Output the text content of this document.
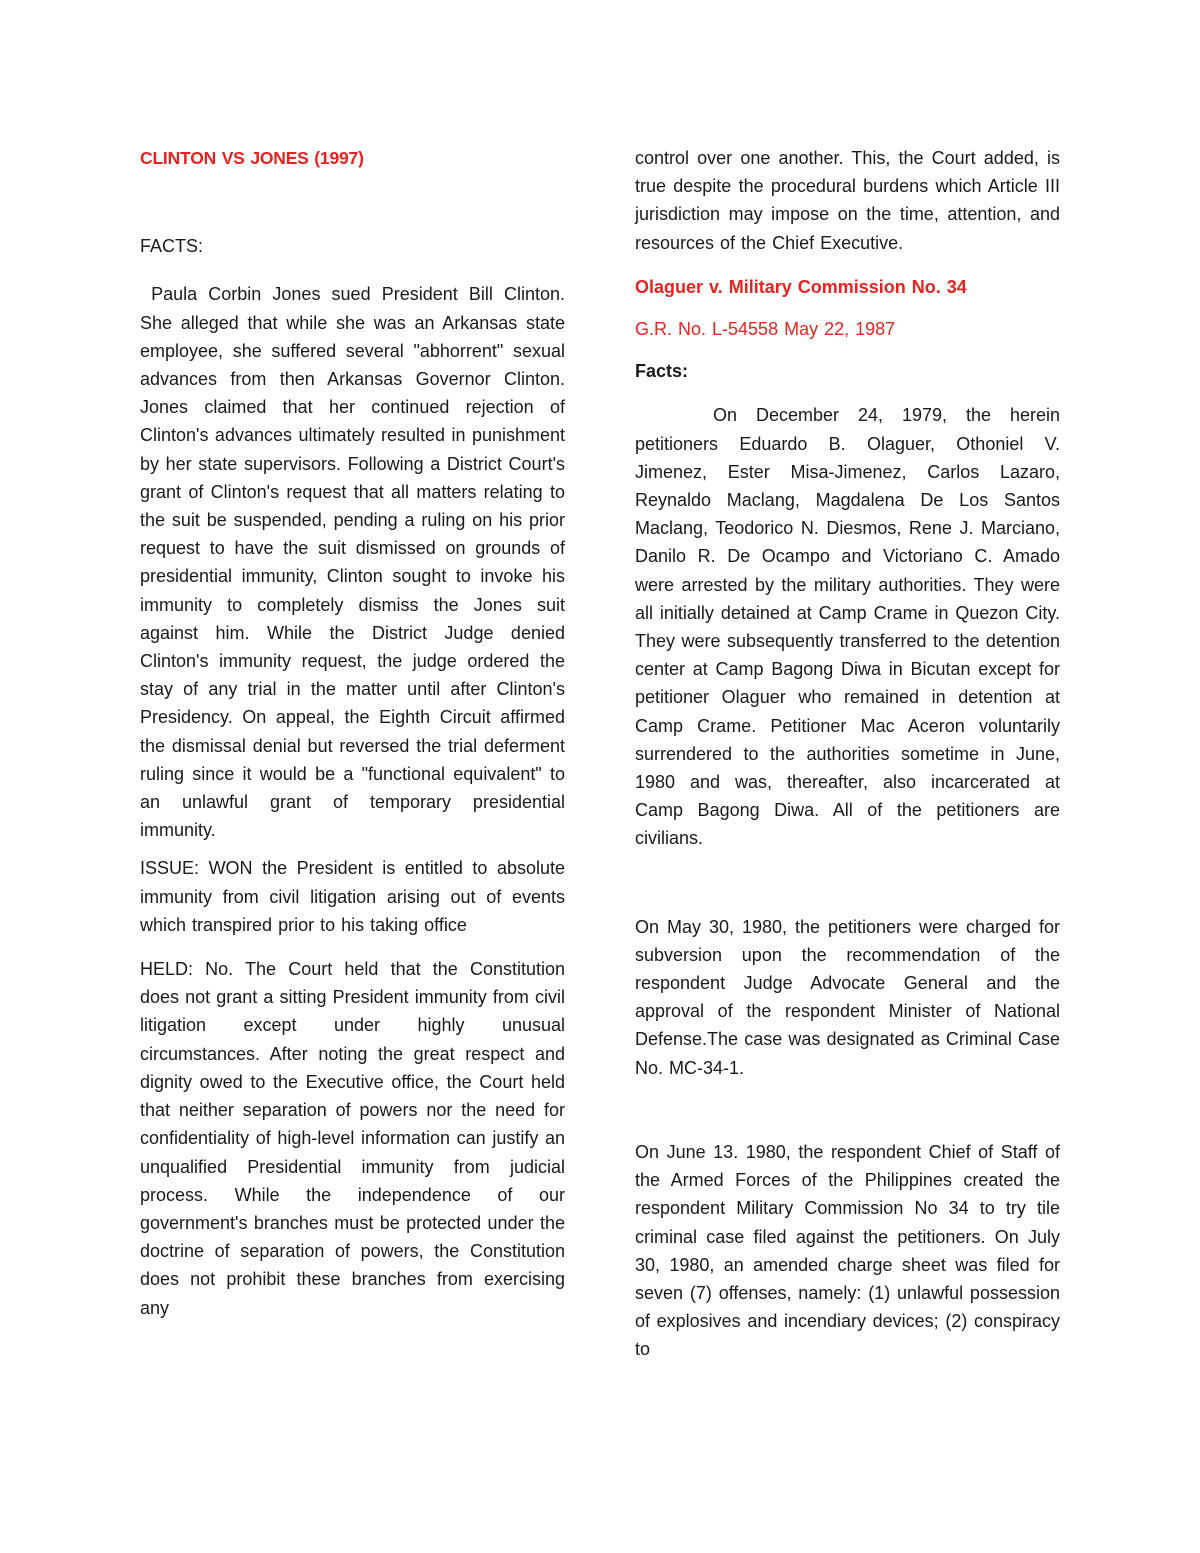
CLINTON VS JONES (1997)

FACTS:

Paula Corbin Jones sued President Bill Clinton. She alleged that while she was an Arkansas state employee, she suffered several "abhorrent" sexual advances from then Arkansas Governor Clinton. Jones claimed that her continued rejection of Clinton's advances ultimately resulted in punishment by her state supervisors. Following a District Court's grant of Clinton's request that all matters relating to the suit be suspended, pending a ruling on his prior request to have the suit dismissed on grounds of presidential immunity, Clinton sought to invoke his immunity to completely dismiss the Jones suit against him. While the District Judge denied Clinton's immunity request, the judge ordered the stay of any trial in the matter until after Clinton's Presidency. On appeal, the Eighth Circuit affirmed the dismissal denial but reversed the trial deferment ruling since it would be a "functional equivalent" to an unlawful grant of temporary presidential immunity.

ISSUE: WON the President is entitled to absolute immunity from civil litigation arising out of events which transpired prior to his taking office

HELD: No. The Court held that the Constitution does not grant a sitting President immunity from civil litigation except under highly unusual circumstances. After noting the great respect and dignity owed to the Executive office, the Court held that neither separation of powers nor the need for confidentiality of high-level information can justify an unqualified Presidential immunity from judicial process. While the independence of our government's branches must be protected under the doctrine of separation of powers, the Constitution does not prohibit these branches from exercising any

control over one another. This, the Court added, is true despite the procedural burdens which Article III jurisdiction may impose on the time, attention, and resources of the Chief Executive.

Olaguer v. Military Commission No. 34

G.R. No. L-54558 May 22, 1987

Facts:

On December 24, 1979, the herein petitioners Eduardo B. Olaguer, Othoniel V. Jimenez, Ester Misa-Jimenez, Carlos Lazaro, Reynaldo Maclang, Magdalena De Los Santos Maclang, Teodorico N. Diesmos, Rene J. Marciano, Danilo R. De Ocampo and Victoriano C. Amado were arrested by the military authorities. They were all initially detained at Camp Crame in Quezon City. They were subsequently transferred to the detention center at Camp Bagong Diwa in Bicutan except for petitioner Olaguer who remained in detention at Camp Crame. Petitioner Mac Aceron voluntarily surrendered to the authorities sometime in June, 1980 and was, thereafter, also incarcerated at Camp Bagong Diwa. All of the petitioners are civilians.

On May 30, 1980, the petitioners were charged for subversion upon the recommendation of the respondent Judge Advocate General and the approval of the respondent Minister of National Defense.The case was designated as Criminal Case No. MC-34-1.

On June 13. 1980, the respondent Chief of Staff of the Armed Forces of the Philippines created the respondent Military Commission No 34 to try tile criminal case filed against the petitioners. On July 30, 1980, an amended charge sheet was filed for seven (7) offenses, namely: (1) unlawful possession of explosives and incendiary devices; (2) conspiracy to
